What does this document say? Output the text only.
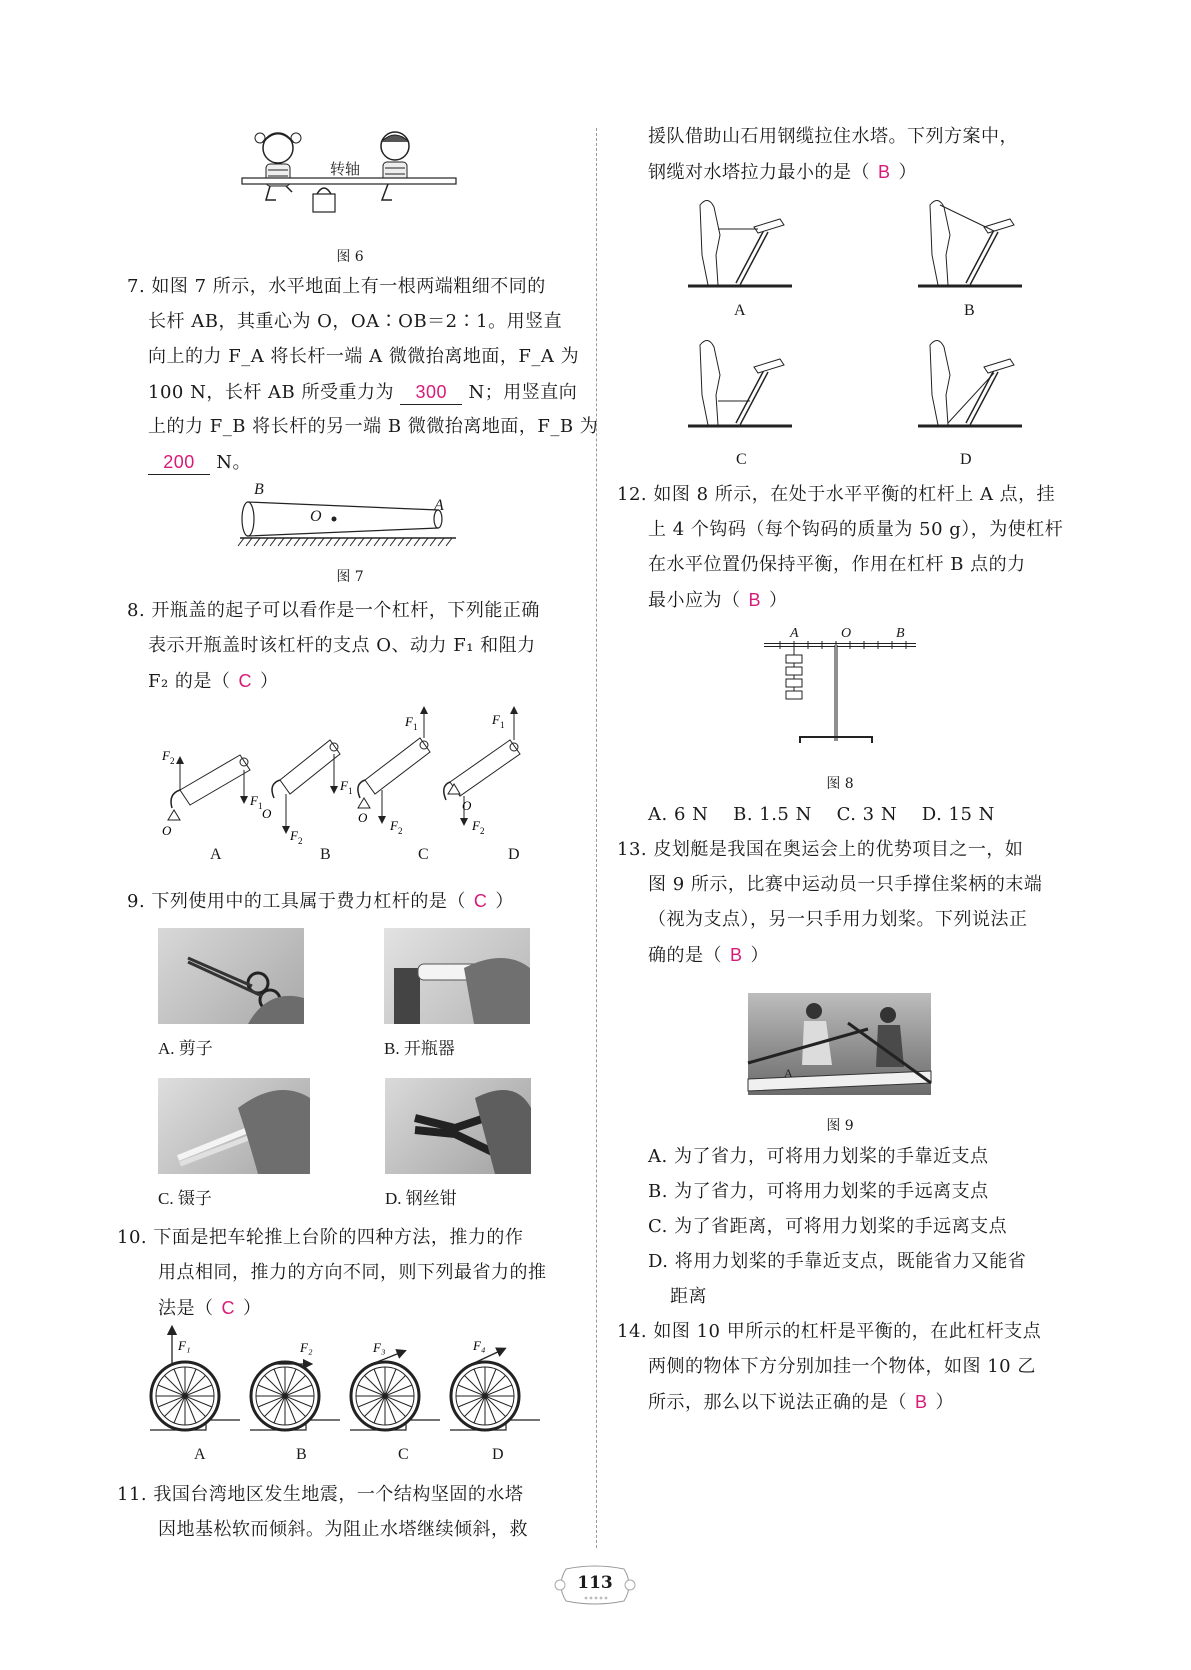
转轴
图 6
7. 如图 7 所示，水平地面上有一根两端粗细不同的
长杆 AB，其重心为 O，OA∶OB＝2∶1。用竖直
向上的力 F_A 将长杆一端 A 微微抬离地面，F_A 为
100 N，长杆 AB 所受重力为 300 N；用竖直向
上的力 F_B 将长杆的另一端 B 微微抬离地面，F_B 为
200 N。
B
O
A
图 7
8. 开瓶盖的起子可以看作是一个杠杆，下列能正确
表示开瓶盖时该杠杆的支点 O、动力 F₁ 和阻力
F₂ 的是（ C ）
F 2
F 1
O
F 1
F 2
O
F 1
F 2
O
F 1
F 2
O
A	B	C	D
9. 下列使用中的工具属于费力杠杆的是（ C ）
A. 剪子	B. 开瓶器
C. 镊子	D. 钢丝钳
10. 下面是把车轮推上台阶的四种方法，推力的作
用点相同，推力的方向不同，则下列最省力的推
法是（ C ）
F₁	F₂	F₃	F₄
A	B	C	D
11. 我国台湾地区发生地震，一个结构坚固的水塔
因地基松软而倾斜。为阻止水塔继续倾斜，救
援队借助山石用钢缆拉住水塔。下列方案中，
钢缆对水塔拉力最小的是（ B ）
A	B
C	D
12. 如图 8 所示，在处于水平平衡的杠杆上 A 点，挂
上 4 个钩码（每个钩码的质量为 50 g），为使杠杆
在水平位置仍保持平衡，作用在杠杆 B 点的力
最小应为（ B ）
A	O	B
图 8
A. 6 N　 B. 1.5 N　 C. 3 N　 D. 15 N
13. 皮划艇是我国在奥运会上的优势项目之一，如
图 9 所示，比赛中运动员一只手撑住桨柄的末端
（视为支点），另一只手用力划桨。下列说法正
确的是（ B ）
A
图 9
A. 为了省力，可将用力划桨的手靠近支点
B. 为了省力，可将用力划桨的手远离支点
C. 为了省距离，可将用力划桨的手远离支点
D. 将用力划桨的手靠近支点，既能省力又能省
距离
14. 如图 10 甲所示的杠杆是平衡的，在此杠杆支点
两侧的物体下方分别加挂一个物体，如图 10 乙
所示，那么以下说法正确的是（ B ）
113
